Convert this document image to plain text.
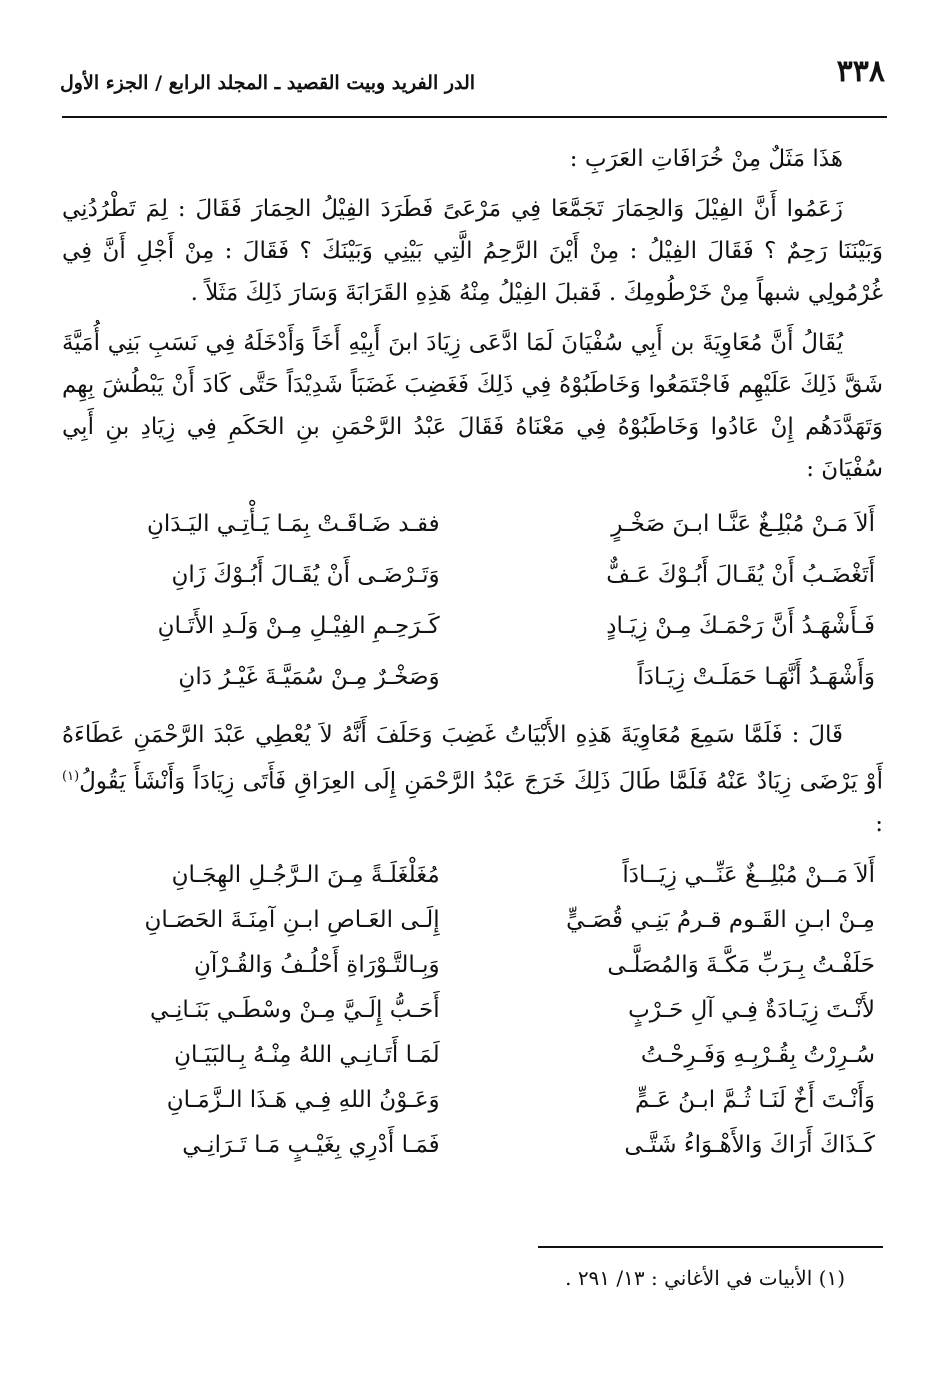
٣٣٨
الدر الفريد وبيت القصيد ـ المجلد الرابع / الجزء الأول

هَذَا مَثَلٌ مِنْ خُرَافَاتِ العَرَبِ :

زَعَمُوا أَنَّ الفِيْلَ وَالحِمَارَ تَجَمَّعَا فِي مَرْعَىً فَطَرَدَ الفِيْلُ الحِمَارَ فَقَالَ : لِمَ تَطْرُدُنِي وَبَيْنَنَا رَحِمٌ ؟ فَقَالَ الفِيْلُ : مِنْ أَيْنَ الرَّحِمُ الَّتِي بَيْنِي وَبَيْنَكَ ؟ فَقَالَ : مِنْ أَجْلِ أَنَّ فِي غُرْمُولِي شبهاً مِنْ خَرْطُومِكَ . فَقبلَ الفِيْلُ مِنْهُ هَذِهِ القَرَابَةَ وَسَارَ ذَلِكَ مَثَلاً .

يُقَالُ أَنَّ مُعَاوِيَةَ بن أَبِي سُفْيَانَ لَمَا ادَّعَى زِيَادَ ابنَ أَبِيْهِ أَخَاً وَأَدْخَلَهُ فِي نَسَبِ بَنِي أُمَيَّةَ شَقَّ ذَلِكَ عَلَيْهِم فَاجْتَمَعُوا وَخَاطَبُوْهُ فِي ذَلِكَ فَغَضِبَ غَضَبَاً شَدِيْدَاً حَتَّى كَادَ أَنْ يَبْطُشَ بِهِم وَتَهَدَّدَهُم إِنْ عَادُوا وَخَاطَبُوْهُ فِي مَعْنَاهُ فَقَالَ عَبْدُ الرَّحْمَنِ بنِ الحَكَمِ فِي زِيَادِ بنِ أَبِي سُفْيَانَ :

أَلاَ مَـنْ مُبْلِـغٌ عَنَّـا ابـنَ صَخْـرٍ
فقـد ضَـاقَـتْ بِمَـا يَـأْتِـي اليَـدَانِ
أَتَغْضَـبُ أَنْ يُقَـالَ أَبُـوْكَ عَـفٌّ
وَتَـرْضَـى أَنْ يُقَـالَ أَبُـوْكَ زَانِ
فَـأَشْهَـدُ أَنَّ رَحْمَـكَ مِـنْ زِيَـادٍ
كَـرَحِـمِ الفِيْـلِ مِـنْ وَلَـدِ الأَتَـانِ
وَأَشْهَـدُ أَنَّهَـا حَمَلَـتْ زِيَـادَاً
وَصَخْـرٌ مِـنْ سُمَيَّـةَ غَيْـرُ دَانِ

قَالَ : فَلَمَّا سَمِعَ مُعَاوِيَةَ هَذِهِ الأَبْيَاتُ غَضِبَ وَحَلَفَ أَنَّهُ لاَ يُعْطِي عَبْدَ الرَّحْمَنِ عَطَاءَهُ أَوْ يَرْضَى زِيَادٌ عَنْهُ فَلَمَّا طَالَ ذَلِكَ خَرَجَ عَبْدُ الرَّحْمَنِ إِلَى العِرَاقِ فَأَتَى زِيَادَاً وَأَنْشَأَ يَقُولُ$^{(١)}$ :

أَلاَ مَــنْ مُبْلِــغٌ عَنِّــي زِيَــادَاً
مُغَلْغَلَـةً مِـنَ الـرَّجُـلِ الهِجَـانِ
مِـنْ ابـنِ القَـوم قـرمُ بَنِـي قُصَـيٍّ
إِلَـى العَـاصِ ابـنِ آمِنَـةَ الحَصَـانِ
حَلَفْـتُ بِـرَبِّ مَكَّـةَ وَالمُصَلَّـى
وَبِـالتَّـوْرَاةِ أَحْلُـفُ وَالقُـرْآنِ
لأَنْـتَ زِيَـادَةٌ فِـي آلِ حَـرْبٍ
أَحَـبُّ إِلَـيَّ مِـنْ وسْطَـي بَنَـانِـي
سُـرِرْتُ بِقُـرْبِـهِ وَفَـرِحْـتُ
لَمَـا أَتَـانِـي اللهُ مِنْـهُ بِـالبَيَـانِ
وَأَنْـتَ أَخٌ لَنَـا ثُـمَّ ابـنُ عَـمٍّ
وَعَـوْنُ اللهِ فِـي هَـذَا الـزَّمَـانِ
كَـذَاكَ أَرَاكَ وَالأَهْـوَاءُ شَتَّـى
فَمَـا أَدْرِي بِغَيْـبٍ مَـا تَـرَانِـي
(١) الأبيات في الأغاني : ١٣/ ٢٩١ .
